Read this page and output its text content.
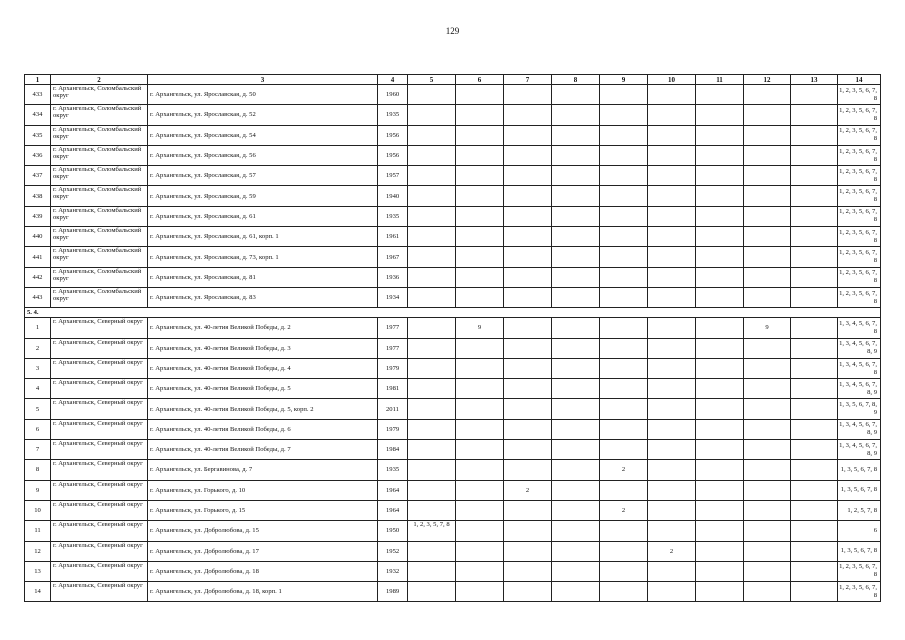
129
1	2	3	4	5	6	7	8	9	10	11	12	13	14
433	г. Архангельск, Соломбальский округ	г. Архангельск, ул. Ярославская, д. 50	1960										1, 2, 3, 5, 6, 7, 8
434	г. Архангельск, Соломбальский округ	г. Архангельск, ул. Ярославская, д. 52	1935										1, 2, 3, 5, 6, 7, 8
435	г. Архангельск, Соломбальский округ	г. Архангельск, ул. Ярославская, д. 54	1956										1, 2, 3, 5, 6, 7, 8
436	г. Архангельск, Соломбальский округ	г. Архангельск, ул. Ярославская, д. 56	1956										1, 2, 3, 5, 6, 7, 8
437	г. Архангельск, Соломбальский округ	г. Архангельск, ул. Ярославская, д. 57	1957										1, 2, 3, 5, 6, 7, 8
438	г. Архангельск, Соломбальский округ	г. Архангельск, ул. Ярославская, д. 59	1940										1, 2, 3, 5, 6, 7, 8
439	г. Архангельск, Соломбальский округ	г. Архангельск, ул. Ярославская, д. 61	1935										1, 2, 3, 5, 6, 7, 8
440	г. Архангельск, Соломбальский округ	г. Архангельск, ул. Ярославская, д. 61, корп. 1	1961										1, 2, 3, 5, 6, 7, 8
441	г. Архангельск, Соломбальский округ	г. Архангельск, ул. Ярославская, д. 73, корп. 1	1967										1, 2, 3, 5, 6, 7, 8
442	г. Архангельск, Соломбальский округ	г. Архангельск, ул. Ярославская, д. 81	1936										1, 2, 3, 5, 6, 7, 8
443	г. Архангельск, Соломбальский округ	г. Архангельск, ул. Ярославская, д. 83	1934										1, 2, 3, 5, 6, 7, 8
5. 4.													
1	г. Архангельск, Северный округ	г. Архангельск, ул. 40-летия Великой Победы, д. 2	1977		9						9		1, 3, 4, 5, 6, 7, 8
2	г. Архангельск, Северный округ	г. Архангельск, ул. 40-летия Великой Победы, д. 3	1977										1, 3, 4, 5, 6, 7, 8, 9
3	г. Архангельск, Северный округ	г. Архангельск, ул. 40-летия Великой Победы, д. 4	1979										1, 3, 4, 5, 6, 7, 8
4	г. Архангельск, Северный округ	г. Архангельск, ул. 40-летия Великой Победы, д. 5	1981										1, 3, 4, 5, 6, 7, 8, 9
5	г. Архангельск, Северный округ	г. Архангельск, ул. 40-летия Великой Победы, д. 5, корп. 2	2011										1, 3, 5, 6, 7, 8, 9
6	г. Архангельск, Северный округ	г. Архангельск, ул. 40-летия Великой Победы, д. 6	1979										1, 3, 4, 5, 6, 7, 8, 9
7	г. Архангельск, Северный округ	г. Архангельск, ул. 40-летия Великой Победы, д. 7	1984										1, 3, 4, 5, 6, 7, 8, 9
8	г. Архангельск, Северный округ	г. Архангельск, ул. Бергавинова, д. 7	1935					2					1, 3, 5, 6, 7, 8
9	г. Архангельск, Северный округ	г. Архангельск, ул. Горького, д. 10	1964			2							1, 3, 5, 6, 7, 8
10	г. Архангельск, Северный округ	г. Архангельск, ул. Горького, д. 15	1964					2					1, 2, 5, 7, 8
11	г. Архангельск, Северный округ	г. Архангельск, ул. Добролюбова, д. 15	1950	1, 2, 3, 5, 7, 8									6
12	г. Архангельск, Северный округ	г. Архангельск, ул. Добролюбова, д. 17	1952						2				1, 3, 5, 6, 7, 8
13	г. Архангельск, Северный округ	г. Архангельск, ул. Добролюбова, д. 18	1932										1, 2, 3, 5, 6, 7, 8
14	г. Архангельск, Северный округ	г. Архангельск, ул. Добролюбова, д. 18, корп. 1	1989										1, 2, 3, 5, 6, 7, 8
